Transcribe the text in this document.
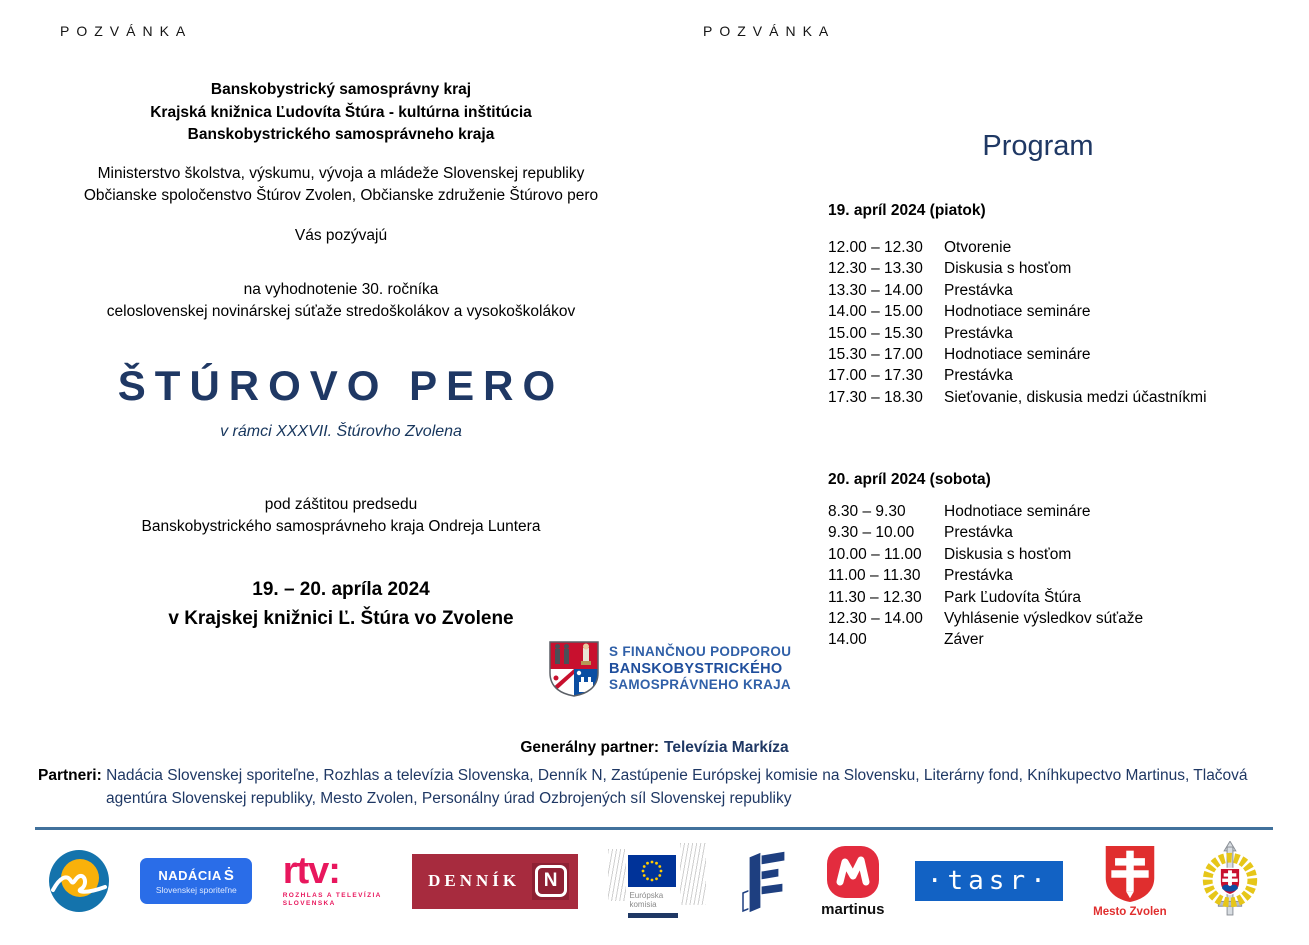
POZVÁNKA	POZVÁNKA
Banskobystrický samosprávny kraj
Krajská knižnica Ľudovíta Štúra - kultúrna inštitúcia
Banskobystrického samosprávneho kraja
Ministerstvo školstva, výskumu, vývoja a mládeže Slovenskej republiky
Občianske spoločenstvo Štúrov Zvolen, Občianske združenie Štúrovo pero
Vás pozývajú
na vyhodnotenie 30. ročníka
celoslovenskej novinárskej súťaže stredoškolákov a vysokoškolákov
ŠTÚROVO PERO
v rámci XXXVII. Štúrovho Zvolena
pod záštitou predsedu
Banskobystrického samosprávneho kraja Ondreja Luntera
19. – 20. apríla 2024
v Krajskej knižnici Ľ. Štúra vo Zvolene
S FINANČNOU PODPOROU
BANSKOBYSTRICKÉHO
SAMOSPRÁVNEHO KRAJA
Program
19. apríl 2024 (piatok)
12.00 – 12.30	Otvorenie
12.30 – 13.30	Diskusia s hosťom
13.30 – 14.00	Prestávka
14.00 – 15.00	Hodnotiace semináre
15.00 – 15.30	Prestávka
15.30 – 17.00	Hodnotiace semináre
17.00 – 17.30	Prestávka
17.30 – 18.30	Sieťovanie, diskusia medzi účastníkmi
20. apríl 2024 (sobota)
8.30 – 9.30	Hodnotiace semináre
9.30 – 10.00	Prestávka
10.00 – 11.00	Diskusia s hosťom
11.00 – 11.30	Prestávka
11.30 – 12.30	Park Ľudovíta Štúra
12.30 – 14.00	Vyhlásenie výsledkov súťaže
14.00	Záver
Generálny partner: Televízia Markíza
Partneri: Nadácia Slovenskej sporiteľne, Rozhlas a televízia Slovenska, Denník N, Zastúpenie Európskej komisie na Slovensku, Literárny fond, Kníhkupectvo Martinus, Tlačová agentúra Slovenskej republiky, Mesto Zvolen, Personálny úrad Ozbrojených síl Slovenskej republiky
NADÁCIA Ṡ
Slovenskej sporiteľne rtv:
ROZHLAS A TELEVÍZIA
SLOVENSKA
DENNÍK	N
Európska
komisia	martinus
·tasr·
Mesto Zvolen
